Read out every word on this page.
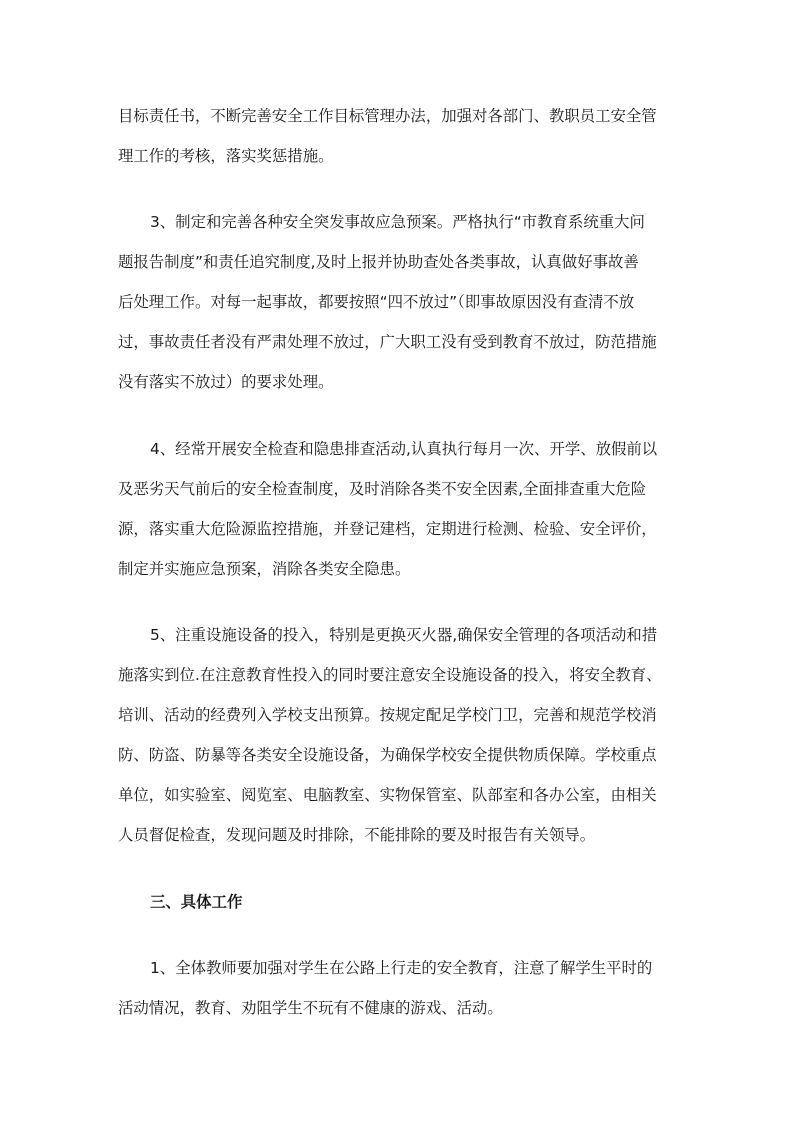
目标责任书，不断完善安全工作目标管理办法，加强对各部门、教职员工安全管
理工作的考核，落实奖惩措施。
3、制定和完善各种安全突发事故应急预案。严格执行“市教育系统重大问
题报告制度”和责任追究制度,及时上报并协助查处各类事故，认真做好事故善
后处理工作。对每一起事故，都要按照“四不放过”（即事故原因没有查清不放
过，事故责任者没有严肃处理不放过，广大职工没有受到教育不放过，防范措施
没有落实不放过）的要求处理。
4、经常开展安全检查和隐患排查活动,认真执行每月一次、开学、放假前以
及恶劣天气前后的安全检查制度，及时消除各类不安全因素,全面排查重大危险
源，落实重大危险源监控措施，并登记建档，定期进行检测、检验、安全评价，
制定并实施应急预案，消除各类安全隐患。
5、注重设施设备的投入，特别是更换灭火器,确保安全管理的各项活动和措
施落实到位.在注意教育性投入的同时要注意安全设施设备的投入，将安全教育、
培训、活动的经费列入学校支出预算。按规定配足学校门卫，完善和规范学校消
防、防盗、防暴等各类安全设施设备，为确保学校安全提供物质保障。学校重点
单位，如实验室、阅览室、电脑教室、实物保管室、队部室和各办公室，由相关
人员督促检查，发现问题及时排除，不能排除的要及时报告有关领导。
三、具体工作
1、全体教师要加强对学生在公路上行走的安全教育，注意了解学生平时的
活动情况，教育、劝阻学生不玩有不健康的游戏、活动。
